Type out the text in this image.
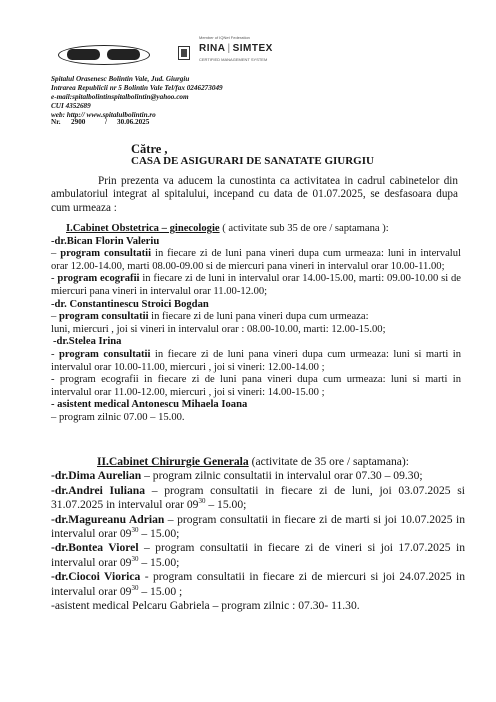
Member of IQNet Federation
RINA | SIMTEX
CERTIFIED MANAGEMENT SYSTEM
Spitalul Orasenesc Bolintin Vale, Jud. Giurgiu
Intrarea Republicii nr 5 Bolintin Vale Tel/fax 0246273049
e-mail:spitalbolintinspitalbolintin@yahoo.com
CUI 4352689
web: http:// www.spitalulbolintin.ro
Nr. 2900	/ 30.06.2025
Către ,
CASA DE ASIGURARI DE SANATATE GIURGIU

Prin prezenta va aducem la cunostinta ca activitatea in cadrul cabinetelor din ambulatoriul integrat al spitalului, incepand cu data de 01.07.2025, se desfasoara dupa cum urmeaza :

I.Cabinet Obstetrica – ginecologie ( activitate sub 35 de ore / saptamana ):

-dr.Bican Florin Valeriu

– program consultatii in fiecare zi de luni pana vineri dupa cum urmeaza: luni in intervalul orar 12.00-14.00, marti 08.00-09.00 si de miercuri pana vineri in intervalul orar 10.00-11.00;

- program ecografii in fiecare zi de luni in intervalul orar 14.00-15.00, marti: 09.00-10.00 si de miercuri pana vineri in intervalul orar 11.00-12.00;

-dr. Constantinescu Stroici Bogdan

– program consultatii in fiecare zi de luni pana vineri dupa cum urmeaza:

luni, miercuri , joi si vineri in intervalul orar : 08.00-10.00, marti: 12.00-15.00;

-dr.Stelea Irina

- program consultatii in fiecare zi de luni pana vineri dupa cum urmeaza: luni si marti in intervalul orar 10.00-11.00, miercuri , joi si vineri: 12.00-14.00 ;

- program ecografii in fiecare zi de luni pana vineri dupa cum urmeaza: luni si marti in intervalul orar 11.00-12.00, miercuri , joi si vineri: 14.00-15.00 ;

- asistent medical Antonescu Mihaela Ioana

– program zilnic 07.00 – 15.00.

II.Cabinet Chirurgie Generala (activitate de 35 ore / saptamana):

-dr.Dima Aurelian – program zilnic consultatii in intervalul orar 07.30 – 09.30;

-dr.Andrei Iuliana – program consultatii in fiecare zi de luni, joi 03.07.2025 si 31.07.2025 in intervalul orar $09^{30} - 15.00$;

-dr.Magureanu Adrian – program consultatii in fiecare zi de marti si joi 10.07.2025 in intervalul orar $09^{30} - 15.00$;

-dr.Bontea Viorel – program consultatii in fiecare zi de vineri si joi 17.07.2025 in intervalul orar $09^{30} - 15.00$;

-dr.Ciocoi Viorica - program consultatii in fiecare zi de miercuri si joi 24.07.2025 in intervalul orar $09^{30} - 15.00$ ;

-asistent medical Pelcaru Gabriela – program zilnic : 07.30- 11.30.
